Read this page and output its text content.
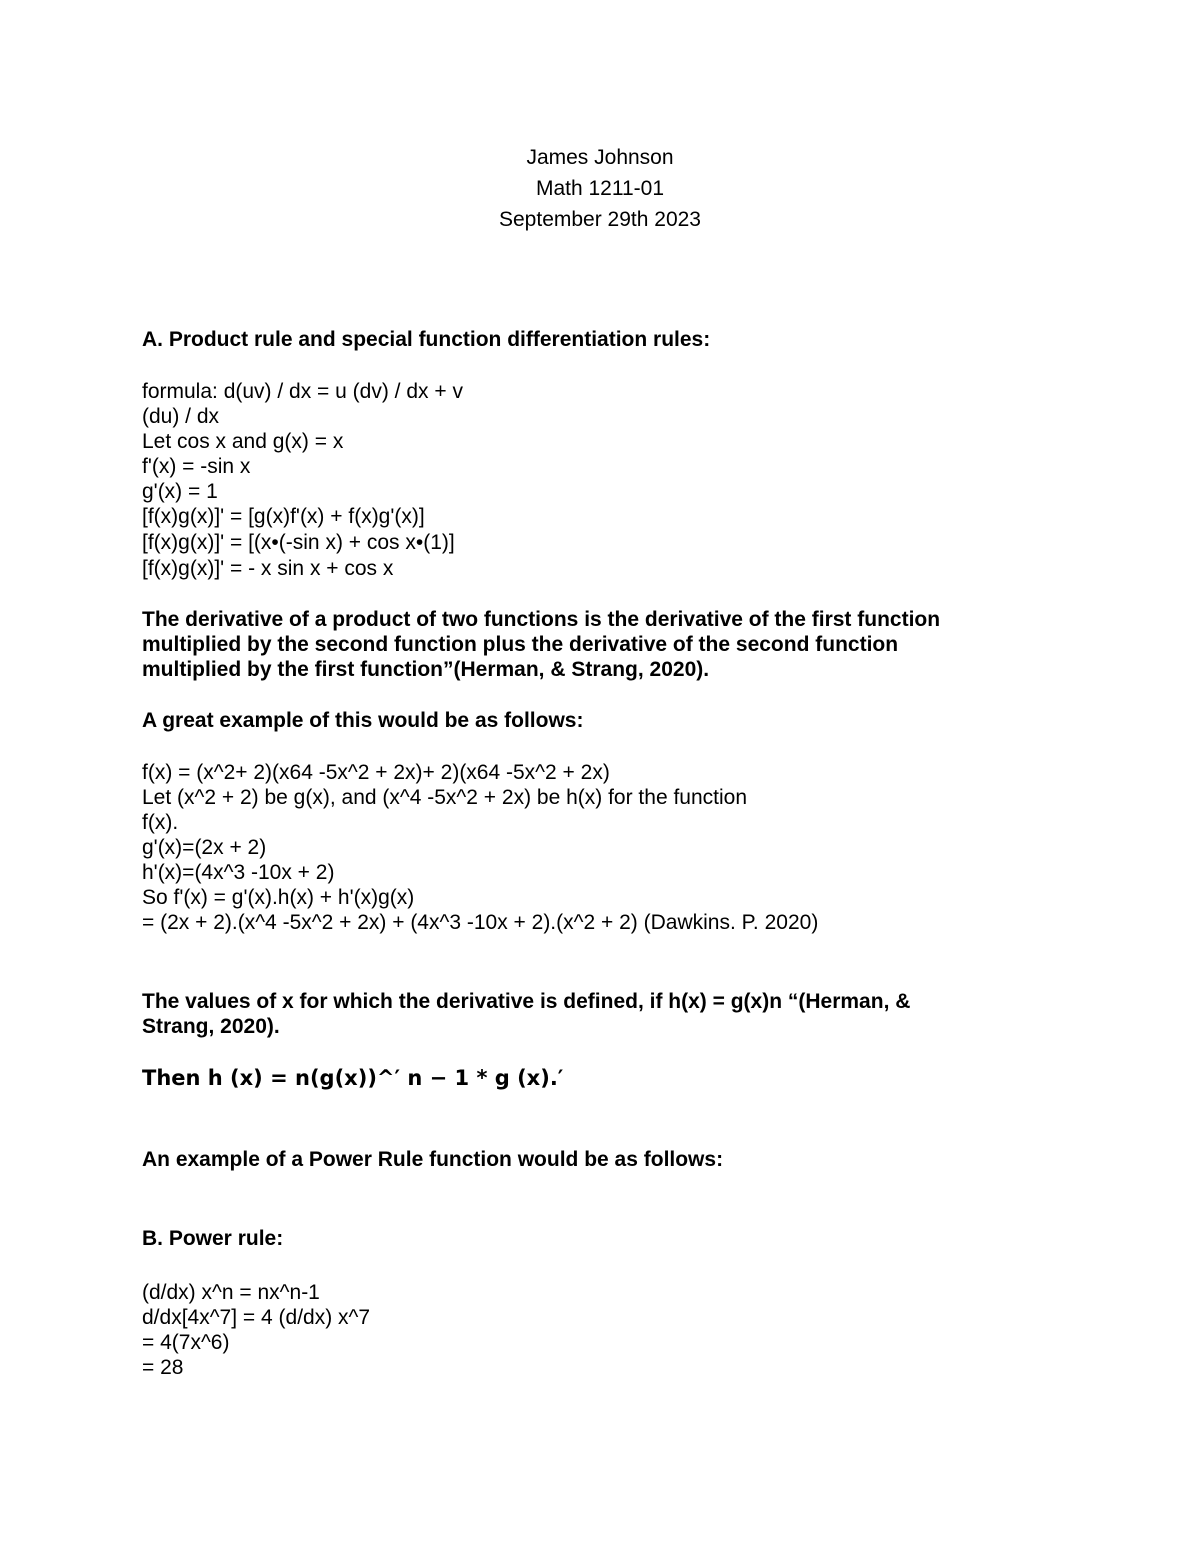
James Johnson
Math 1211-01
September 29th 2023
A. Product rule and special function differentiation rules:
formula: d(uv) / dx = u (dv) / dx + v
(du) / dx
Let cos x and g(x) = x
f'(x) = -sin x
g'(x) = 1
[f(x)g(x)]' = [g(x)f'(x) + f(x)g'(x)]
[f(x)g(x)]' = [(x•(-sin x) + cos x•(1)]
[f(x)g(x)]' = - x sin x + cos x
The derivative of a product of two functions is the derivative of the first function
multiplied by the second function plus the derivative of the second function
multiplied by the first function”(Herman, & Strang, 2020).
A great example of this would be as follows:
f(x) = (x^2+ 2)(x64 -5x^2 + 2x)+ 2)(x64 -5x^2 + 2x)
Let (x^2 + 2) be g(x), and (x^4 -5x^2 + 2x) be h(x) for the function
f(x).
g'(x)=(2x + 2)
h'(x)=(4x^3 -10x + 2)
So f'(x) = g'(x).h(x) + h'(x)g(x)
= (2x + 2).(x^4 -5x^2 + 2x) + (4x^3 -10x + 2).(x^2 + 2) (Dawkins. P. 2020)
The values of x for which the derivative is defined, if h(x) = g(x)n “(Herman, &
Strang, 2020).
Then h (x) = n(g(x))^′ n − 1 * g (x).′
An example of a Power Rule function would be as follows:
B. Power rule:
(d/dx) x^n = nx^n-1
d/dx[4x^7] = 4 (d/dx) x^7
= 4(7x^6)
= 28
